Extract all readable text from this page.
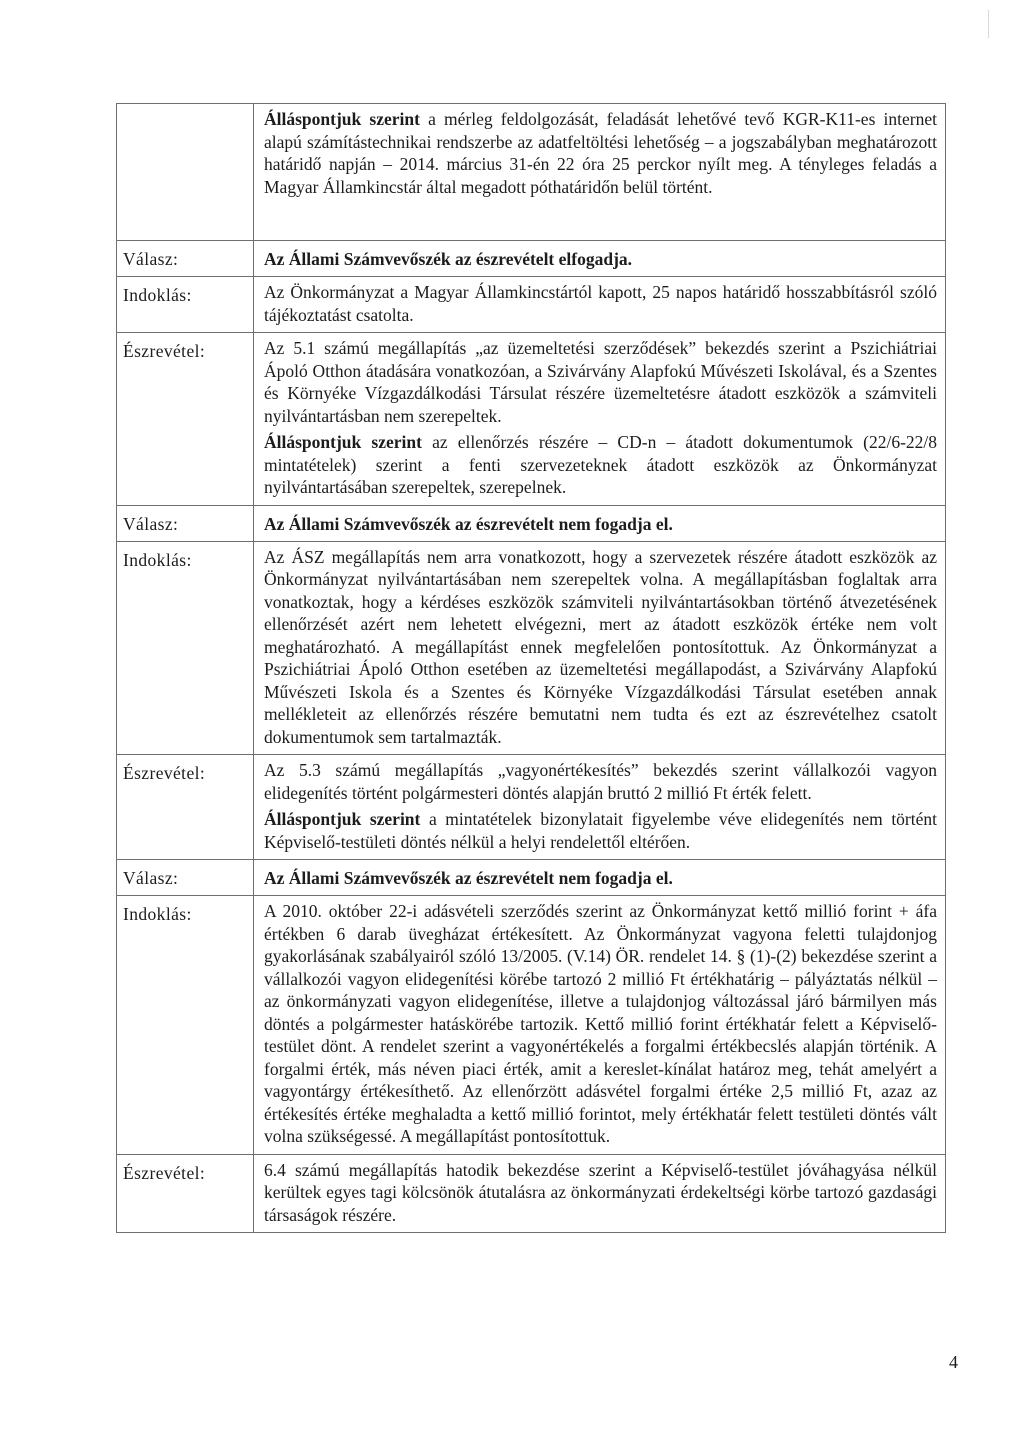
	Álláspontjuk szerint a mérleg feldolgozását, feladását lehetővé tevő KGR-K11-es internet alapú számítástechnikai rendszerbe az adatfeltöltési lehetőség – a jogszabályban meghatározott határidő napján – 2014. március 31-én 22 óra 25 perckor nyílt meg. A tényleges feladás a Magyar Államkincstár által megadott póthatáridőn belül történt.

Válasz:	Az Állami Számvevőszék az észrevételt elfogadja.
Indoklás:	Az Önkormányzat a Magyar Államkincstártól kapott, 25 napos határidő hosszabbításról szóló tájékoztatást csatolta.

Észrevétel:	Az 5.1 számú megállapítás „az üzemeltetési szerződések” bekezdés szerint a Pszichiátriai Ápoló Otthon átadására vonatkozóan, a Szivárvány Alapfokú Művészeti Iskolával, és a Szentes és Környéke Vízgazdálkodási Társulat részére üzemeltetésre átadott eszközök a számviteli nyilvántartásban nem szerepeltek.

Álláspontjuk szerint az ellenőrzés részére – CD-n – átadott dokumentumok (22/6-22/8 mintatételek) szerint a fenti szervezeteknek átadott eszközök az Önkormányzat nyilvántartásában szerepeltek, szerepelnek.

Válasz:	Az Állami Számvevőszék az észrevételt nem fogadja el.
Indoklás:	Az ÁSZ megállapítás nem arra vonatkozott, hogy a szervezetek részére átadott eszközök az Önkormányzat nyilvántartásában nem szerepeltek volna. A megállapításban foglaltak arra vonatkoztak, hogy a kérdéses eszközök számviteli nyilvántartásokban történő átvezetésének ellenőrzését azért nem lehetett elvégezni, mert az átadott eszközök értéke nem volt meghatározható. A megállapítást ennek megfelelően pontosítottuk. Az Önkormányzat a Pszichiátriai Ápoló Otthon esetében az üzemeltetési megállapodást, a Szivárvány Alapfokú Művészeti Iskola és a Szentes és Környéke Vízgazdálkodási Társulat esetében annak mellékleteit az ellenőrzés részére bemutatni nem tudta és ezt az észrevételhez csatolt dokumentumok sem tartalmazták.

Észrevétel:	Az 5.3 számú megállapítás „vagyonértékesítés” bekezdés szerint vállalkozói vagyon elidegenítés történt polgármesteri döntés alapján bruttó 2 millió Ft érték felett.

Álláspontjuk szerint a mintatételek bizonylatait figyelembe véve elidegenítés nem történt Képviselő-testületi döntés nélkül a helyi rendelettől eltérően.

Válasz:	Az Állami Számvevőszék az észrevételt nem fogadja el.
Indoklás:	A 2010. október 22-i adásvételi szerződés szerint az Önkormányzat kettő millió forint + áfa értékben 6 darab üvegházat értékesített. Az Önkormányzat vagyona feletti tulajdonjog gyakorlásának szabályairól szóló 13/2005. (V.14) ÖR. rendelet 14. § (1)-(2) bekezdése szerint a vállalkozói vagyon elidegenítési körébe tartozó 2 millió Ft értékhatárig – pályáztatás nélkül – az önkormányzati vagyon elidegenítése, illetve a tulajdonjog változással járó bármilyen más döntés a polgármester hatáskörébe tartozik. Kettő millió forint értékhatár felett a Képviselő-testület dönt. A rendelet szerint a vagyonértékelés a forgalmi értékbecslés alapján történik. A forgalmi érték, más néven piaci érték, amit a kereslet-kínálat határoz meg, tehát amelyért a vagyontárgy értékesíthető. Az ellenőrzött adásvétel forgalmi értéke 2,5 millió Ft, azaz az értékesítés értéke meghaladta a kettő millió forintot, mely értékhatár felett testületi döntés vált volna szükségessé. A megállapítást pontosítottuk.

Észrevétel:	6.4 számú megállapítás hatodik bekezdése szerint a Képviselő-testület jóváhagyása nélkül kerültek egyes tagi kölcsönök átutalásra az önkormányzati érdekeltségi körbe tartozó gazdasági társaságok részére.

4
